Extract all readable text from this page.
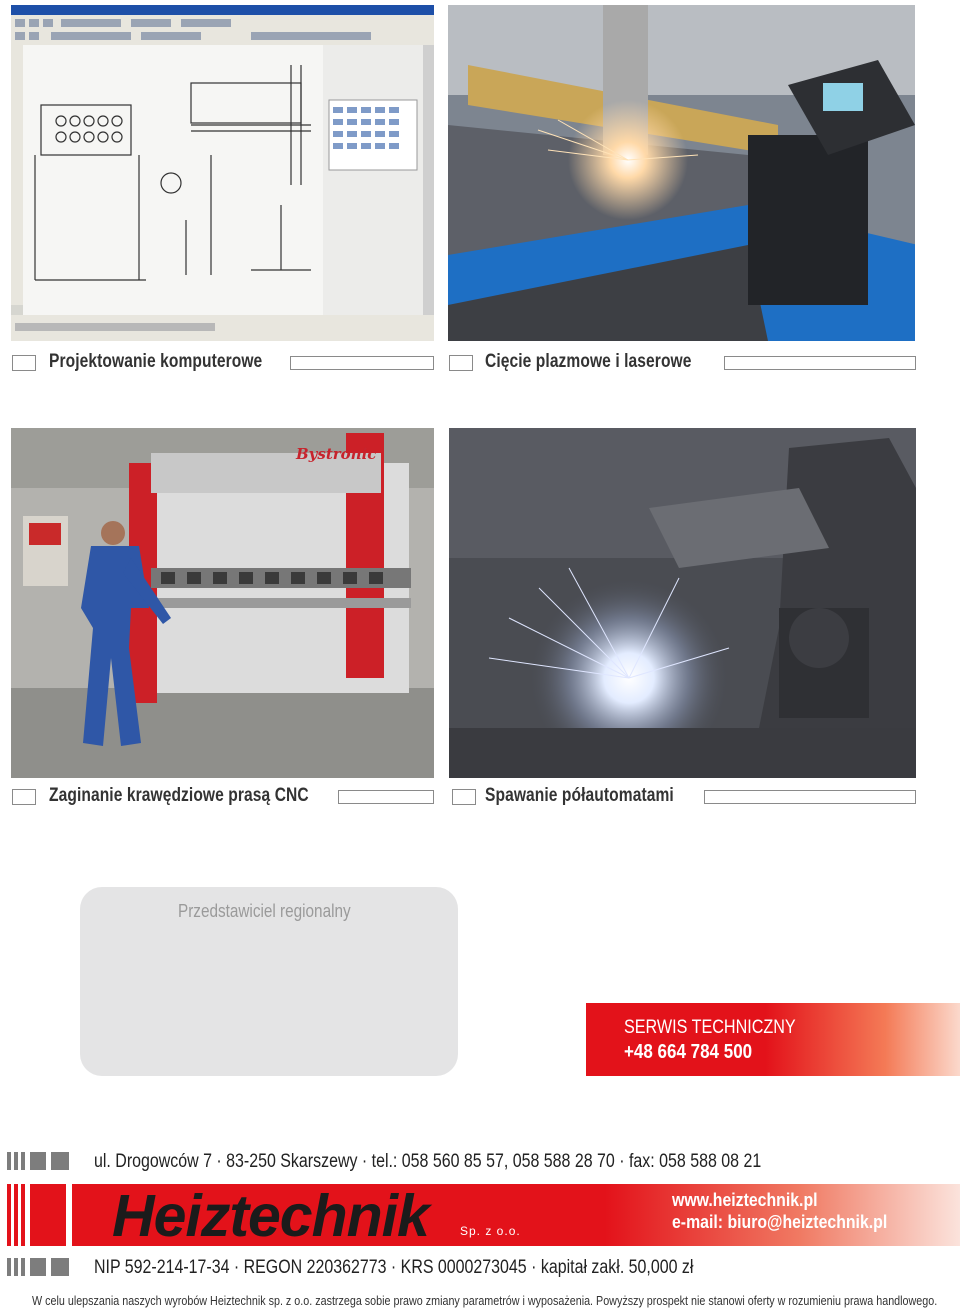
Projektowanie komputerowe	Cięcie plazmowe i laserowe
Bystronic
Zaginanie krawędziowe prasą CNC	Spawanie półautomatami
Przedstawiciel regionalny
SERWIS TECHNICZNY
+48 664 784 500
ul. Drogowców 7 · 83-250 Skarszewy · tel.: 058 560 85 57, 058 588 28 70 · fax: 058 588 08 21
Heiztechnik	Sp. z o.o.
www.heiztechnik.pl
e-mail: biuro@heiztechnik.pl
NIP 592-214-17-34 · REGON 220362773 · KRS 0000273045 · kapitał zakł. 50,000 zł
W celu ulepszania naszych wyrobów Heiztechnik sp. z o.o. zastrzega sobie prawo zmiany parametrów i wyposażenia. Powyższy prospekt nie stanowi oferty w rozumieniu prawa handlowego.
